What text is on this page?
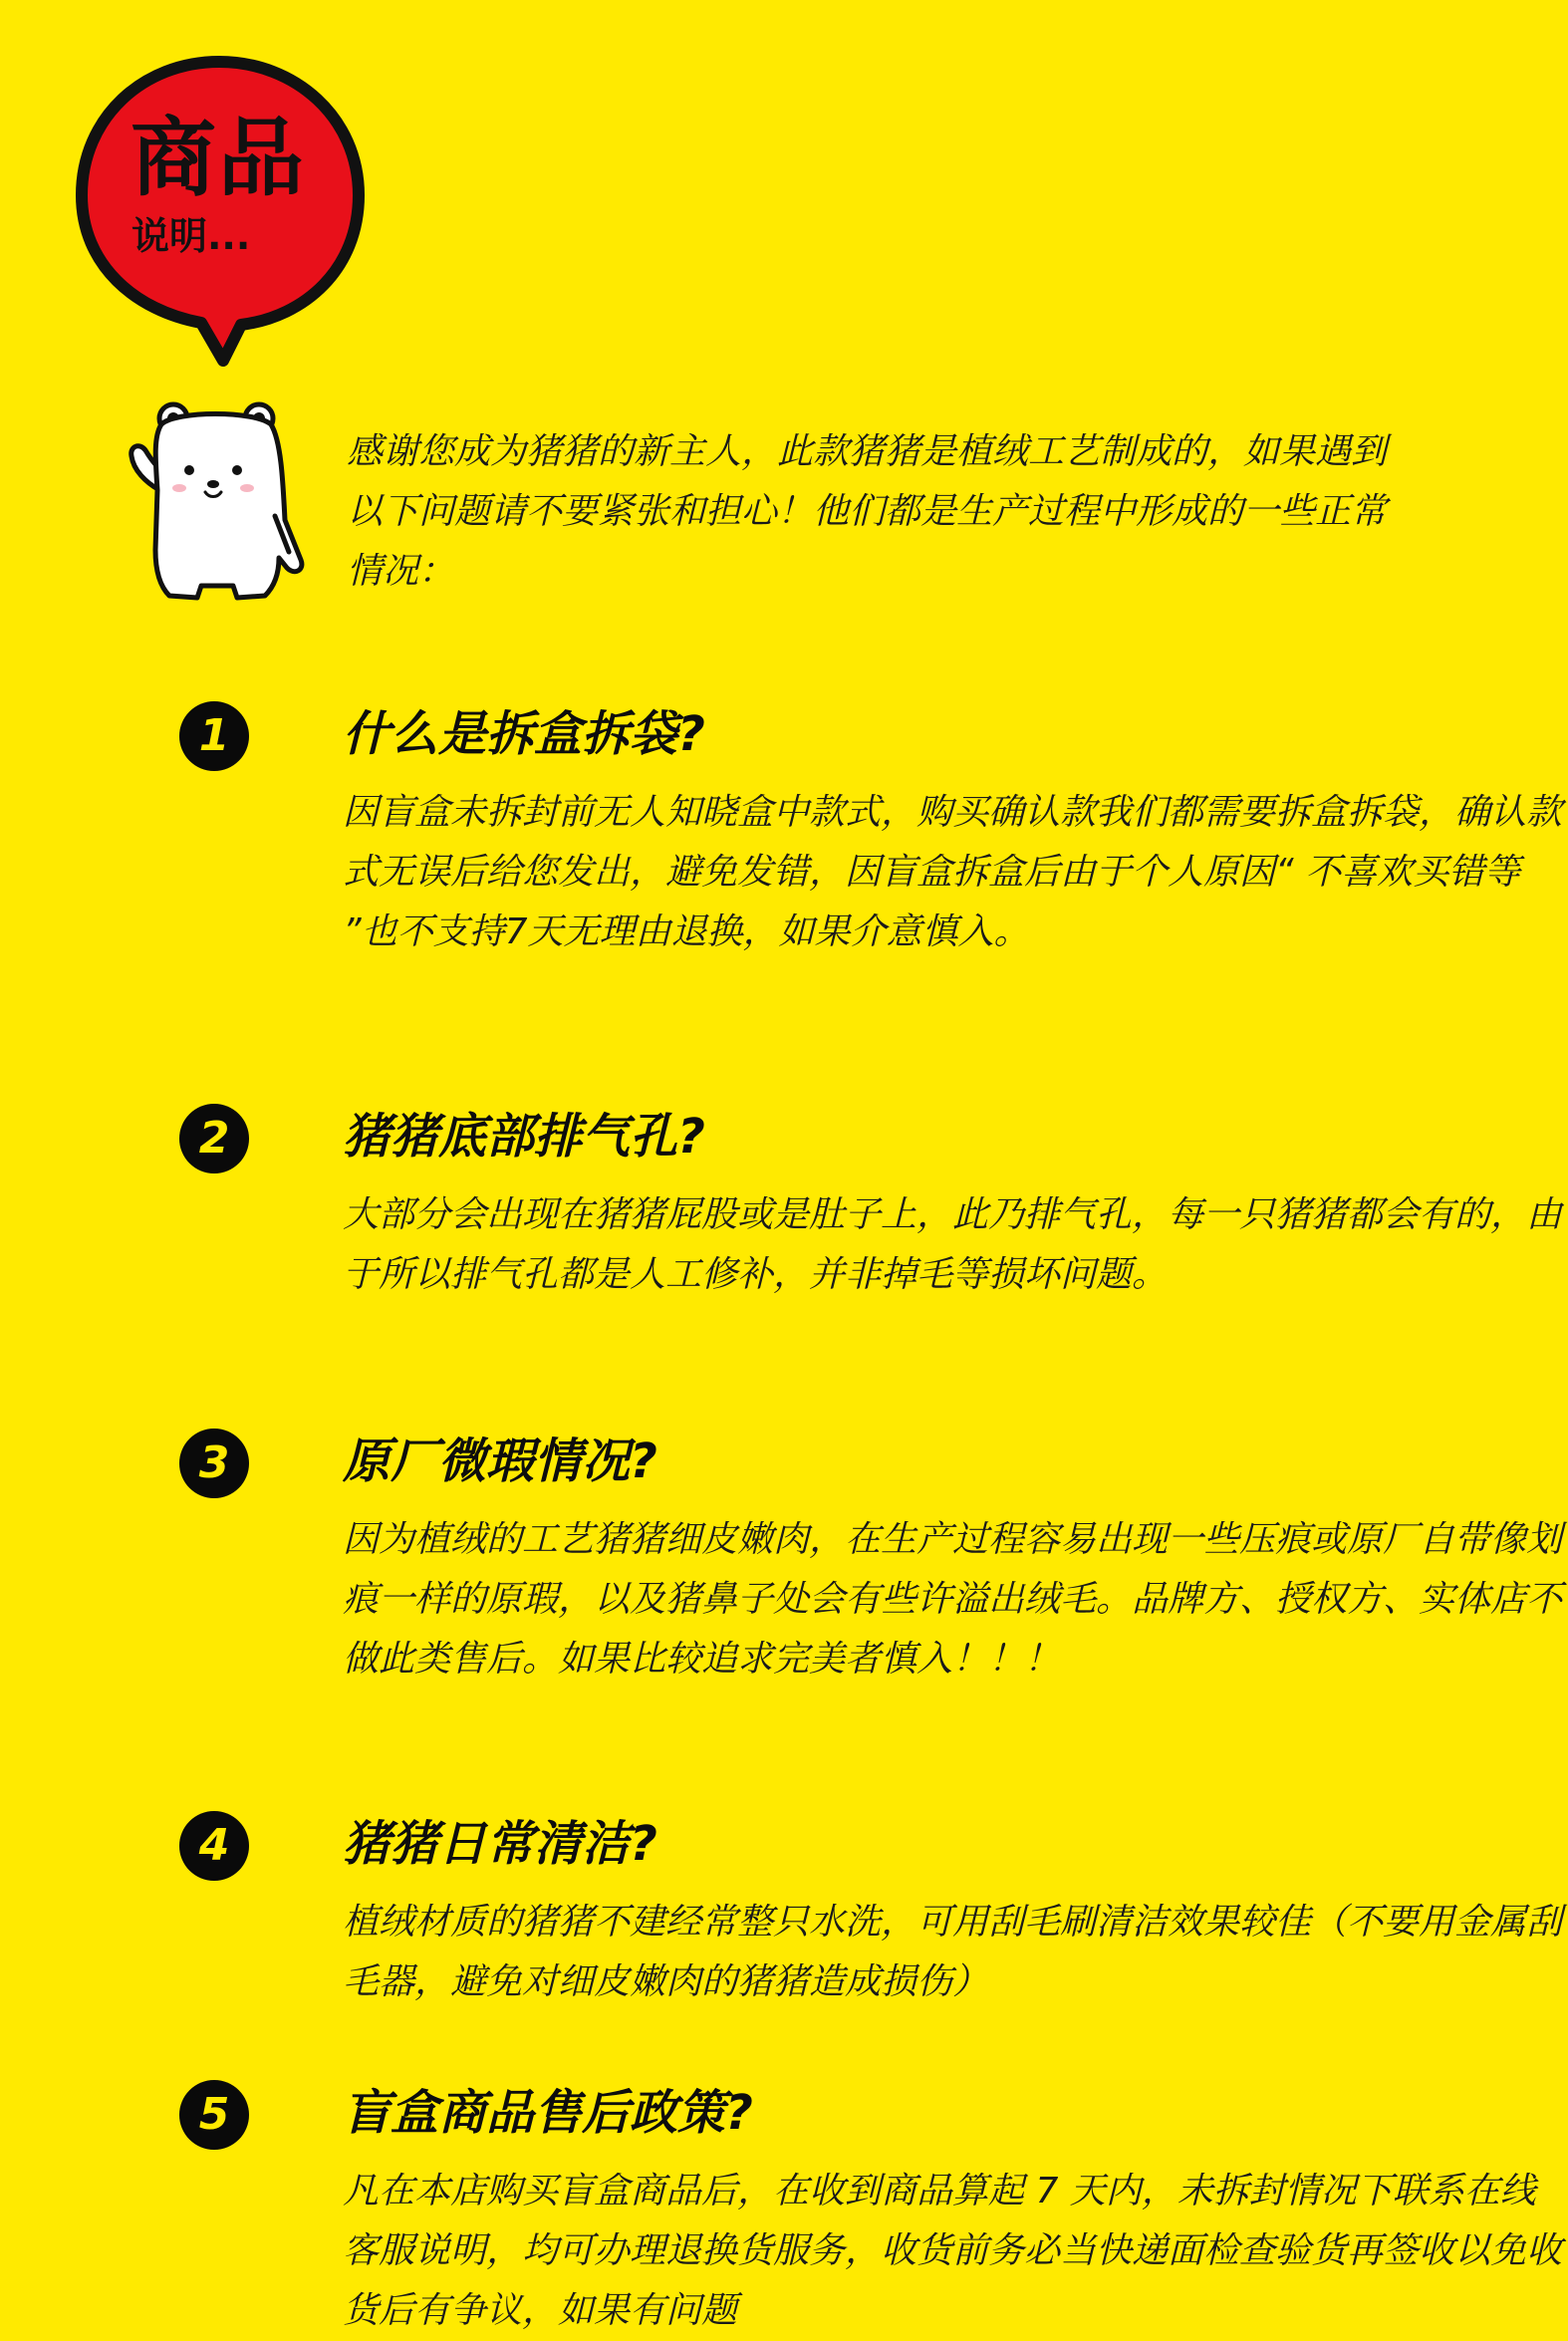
商品
说明...
感谢您成为猪猪的新主人，此款猪猪是植绒工艺制成的，如果遇到以下问题请不要紧张和担心！他们都是生产过程中形成的一些正常情况：
1	什么是拆盒拆袋?
因盲盒未拆封前无人知晓盒中款式，购买确认款我们都需要拆盒拆袋，确认款式无误后给您发出，避免发错，因盲盒拆盒后由于个人原因“ 不喜欢买错等 ”也不支持7天无理由退换，如果介意慎入。
2	猪猪底部排气孔?
大部分会出现在猪猪屁股或是肚子上，此乃排气孔，每一只猪猪都会有的，由于所以排气孔都是人工修补，并非掉毛等损坏问题。
3	原厂微瑕情况?
因为植绒的工艺猪猪细皮嫩肉，在生产过程容易出现一些压痕或原厂自带像划痕一样的原瑕，以及猪鼻子处会有些许溢出绒毛。品牌方、授权方、实体店不做此类售后。如果比较追求完美者慎入！！！
4	猪猪日常清洁?
植绒材质的猪猪不建经常整只水洗，可用刮毛刷清洁效果较佳（不要用金属刮毛器，避免对细皮嫩肉的猪猪造成损伤）
5	盲盒商品售后政策?
凡在本店购买盲盒商品后，在收到商品算起 7 天内，未拆封情况下联系在线客服说明，均可办理退换货服务，收货前务必当快递面检查验货再签收以免收货后有争议，如果有问题
